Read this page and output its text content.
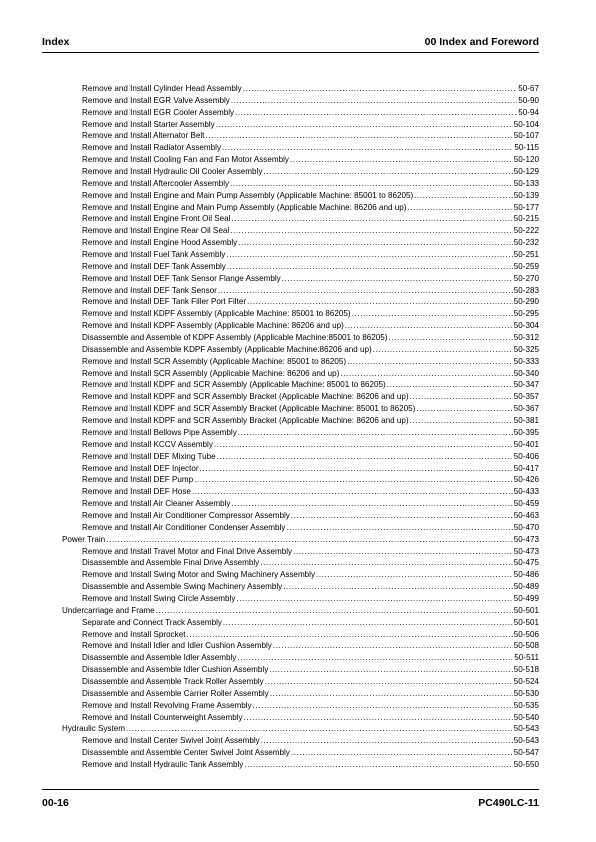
Index	00 Index and Foreword
Remove and Install Cylinder Head Assembly .....	50-67
Remove and Install EGR Valve Assembly .....	50-90
Remove and Install EGR Cooler Assembly .....	50-94
Remove and Install Starter Assembly .....	50-104
Remove and Install Alternator Belt .....	50-107
Remove and Install Radiator Assembly .....	50-115
Remove and Install Cooling Fan and Fan Motor Assembly .....	50-120
Remove and Install Hydraulic Oil Cooler Assembly .....	50-129
Remove and Install Aftercooler Assembly .....	50-133
Remove and Install Engine and Main Pump Assembly (Applicable Machine: 85001 to 86205) .....	50-139
Remove and Install Engine and Main Pump Assembly (Applicable Machine: 86206 and up) .....	50-177
Remove and Install Engine Front Oil Seal .....	50-215
Remove and Install Engine Rear Oil Seal .....	50-222
Remove and Install Engine Hood Assembly .....	50-232
Remove and Install Fuel Tank Assembly .....	50-251
Remove and Install DEF Tank Assembly .....	50-259
Remove and Install DEF Tank Sensor Flange Assembly .....	50-270
Remove and Install DEF Tank Sensor .....	50-283
Remove and Install DEF Tank Filler Port Filter .....	50-290
Remove and Install KDPF Assembly (Applicable Machine: 85001 to 86205) .....	50-295
Remove and Install KDPF Assembly (Applicable Machine: 86206 and up) .....	50-304
Disassemble and Assemble of KDPF Assembly (Applicable Machine:85001 to 86205) .....	50-312
Disassemble and Assemble KDPF Assembly (Applicable Machine:86206 and up) .....	50-325
Remove and Install SCR Assembly (Applicable Machine: 85001 to 86205) .....	50-333
Remove and Install SCR Assembly (Applicable Machine: 86206 and up) .....	50-340
Remove and Install KDPF and SCR Assembly (Applicable Machine: 85001 to 86205) .....	50-347
Remove and Install KDPF and SCR Assembly Bracket (Applicable Machine: 86206 and up) .....	50-357
Remove and Install KDPF and SCR Assembly Bracket (Applicable Machine: 85001 to 86205) .....	50-367
Remove and Install KDPF and SCR Assembly Bracket (Applicable Machine: 86206 and up) .....	50-381
Remove and Install Bellows Pipe Assembly .....	50-395
Remove and Install KCCV Assembly .....	50-401
Remove and Install DEF Mixing Tube .....	50-406
Remove and Install DEF Injector .....	50-417
Remove and Install DEF Pump .....	50-426
Remove and Install DEF Hose .....	50-433
Remove and Install Air Cleaner Assembly .....	50-459
Remove and Install Air Conditioner Compressor Assembly .....	50-463
Remove and Install Air Conditioner Condenser Assembly .....	50-470
Power Train .....	50-473
Remove and Install Travel Motor and Final Drive Assembly .....	50-473
Disassemble and Assemble Final Drive Assembly .....	50-475
Remove and Install Swing Motor and Swing Machinery Assembly .....	50-486
Disassemble and Assemble Swing Machinery Assembly .....	50-489
Remove and Install Swing Circle Assembly .....	50-499
Undercarriage and Frame .....	50-501
Separate and Connect Track Assembly .....	50-501
Remove and Install Sprocket .....	50-506
Remove and Install Idler and Idler Cushion Assembly .....	50-508
Disassemble and Assemble Idler Assembly .....	50-511
Disassemble and Assemble Idler Cushion Assembly .....	50-518
Disassemble and Assemble Track Roller Assembly .....	50-524
Disassemble and Assemble Carrier Roller Assembly .....	50-530
Remove and Install Revolving Frame Assembly .....	50-535
Remove and Install Counterweight Assembly .....	50-540
Hydraulic System .....	50-543
Remove and Install Center Swivel Joint Assembly .....	50-543
Disassemble and Assemble Center Swivel Joint Assembly .....	50-547
Remove and Install Hydraulic Tank Assembly .....	50-550
00-16	PC490LC-11
